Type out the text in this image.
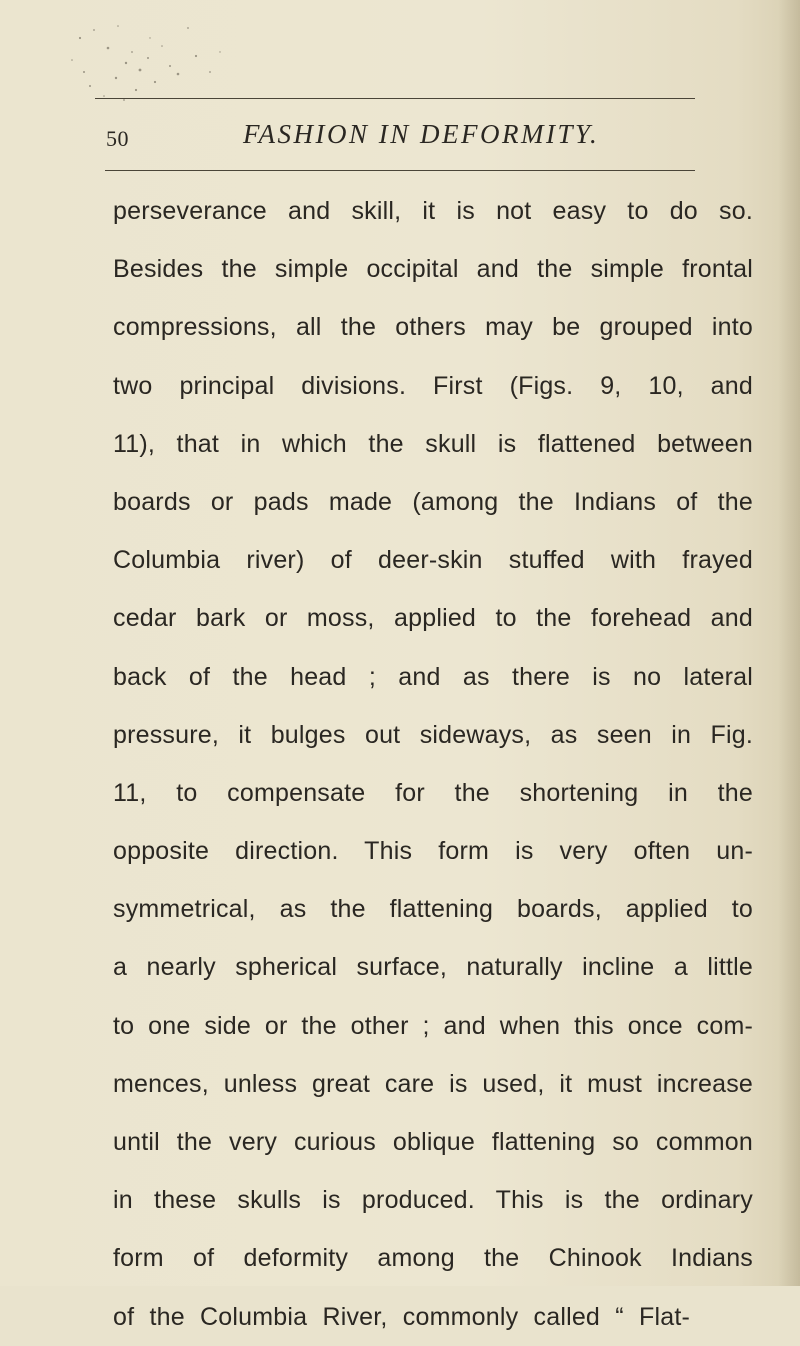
50	FASHION IN DEFORMITY.
perseverance and skill, it is not easy to do so.
Besides the simple occipital and the simple frontal
compressions, all the others may be grouped into
two principal divisions. First (Figs. 9, 10, and
11), that in which the skull is flattened between
boards or pads made (among the Indians of the
Columbia river) of deer-skin stuffed with frayed
cedar bark or moss, applied to the forehead and
back of the head ; and as there is no lateral
pressure, it bulges out sideways, as seen in Fig.
11, to compensate for the shortening in the
opposite direction. This form is very often un-
symmetrical, as the flattening boards, applied to
a nearly spherical surface, naturally incline a little
to one side or the other ; and when this once com-
mences, unless great care is used, it must increase
until the very curious oblique flattening so common
in these skulls is produced. This is the ordinary
form of deformity among the Chinook Indians
of the Columbia River, commonly called “ Flat-
